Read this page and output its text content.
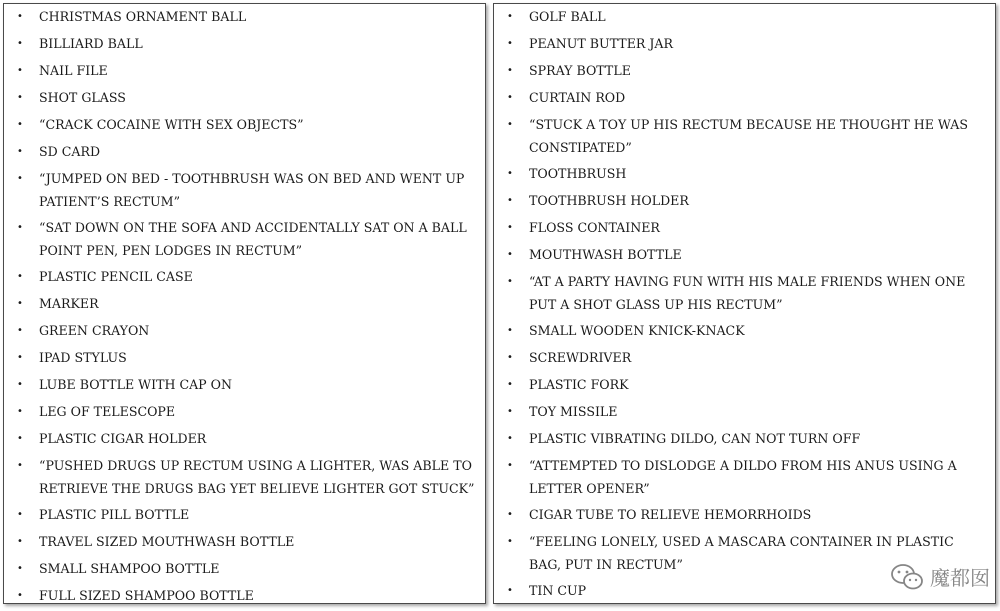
• CHRISTMAS ORNAMENT BALL
• BILLIARD BALL
• NAIL FILE
• SHOT GLASS
• “CRACK COCAINE WITH SEX OBJECTS”
• SD CARD
• “JUMPED ON BED - TOOTHBRUSH WAS ON BED AND WENT UP PATIENT’S RECTUM”
• “SAT DOWN ON THE SOFA AND ACCIDENTALLY SAT ON A BALL POINT PEN, PEN LODGES IN RECTUM”
• PLASTIC PENCIL CASE
• MARKER
• GREEN CRAYON
• IPAD STYLUS
• LUBE BOTTLE WITH CAP ON
• LEG OF TELESCOPE
• PLASTIC CIGAR HOLDER
• “PUSHED DRUGS UP RECTUM USING A LIGHTER, WAS ABLE TO RETRIEVE THE DRUGS BAG YET BELIEVE LIGHTER GOT STUCK”
• PLASTIC PILL BOTTLE
• TRAVEL SIZED MOUTHWASH BOTTLE
• SMALL SHAMPOO BOTTLE
• FULL SIZED SHAMPOO BOTTLE
• GOLF BALL
• PEANUT BUTTER JAR
• SPRAY BOTTLE
• CURTAIN ROD
• “STUCK A TOY UP HIS RECTUM BECAUSE HE THOUGHT HE WAS CONSTIPATED”
• TOOTHBRUSH
• TOOTHBRUSH HOLDER
• FLOSS CONTAINER
• MOUTHWASH BOTTLE
• “AT A PARTY HAVING FUN WITH HIS MALE FRIENDS WHEN ONE PUT A SHOT GLASS UP HIS RECTUM”
• SMALL WOODEN KNICK-KNACK
• SCREWDRIVER
• PLASTIC FORK
• TOY MISSILE
• PLASTIC VIBRATING DILDO, CAN NOT TURN OFF
• “ATTEMPTED TO DISLODGE A DILDO FROM HIS ANUS USING A LETTER OPENER”
• CIGAR TUBE TO RELIEVE HEMORRHOIDS
• “FEELING LONELY, USED A MASCARA CONTAINER IN PLASTIC BAG, PUT IN RECTUM”
• TIN CUP
魔都囡
